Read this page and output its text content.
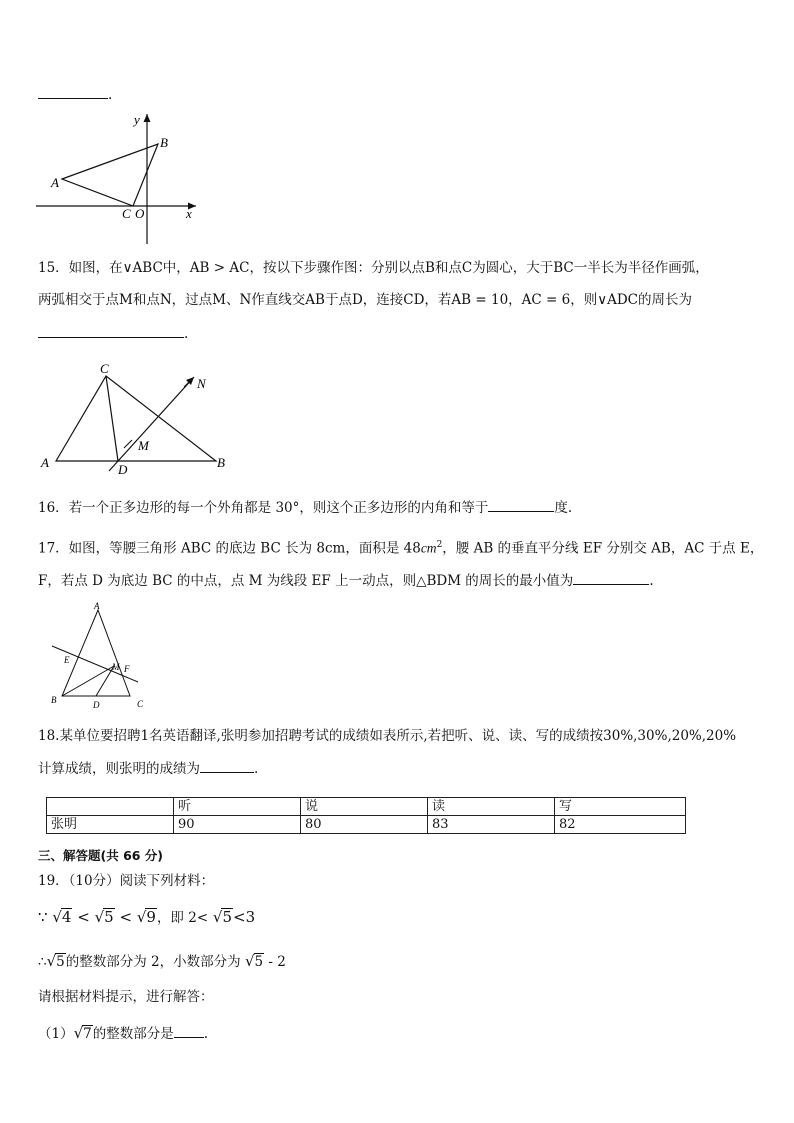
.
y
x
B
A
C O
15．如图，在∨ABC中，AB > AC，按以下步骤作图：分别以点B和点C为圆心，大于BC一半长为半径作画弧，
两弧相交于点M和点N，过点M、N作直线交AB于点D，连接CD，若AB = 10，AC = 6，则∨ADC的周长为
.
C
A	B
D
M
N
16．若一个正多边形的每一个外角都是 30°，则这个正多边形的内角和等于	度.
17．如图，等腰三角形 ABC 的底边 BC 长为 8cm，面积是 $48cm^2$，腰 AB 的垂直平分线 EF 分别交 AB，AC 于点 E，
F，若点 D 为底边 BC 的中点，点 M 为线段 EF 上一动点，则△BDM 的周长的最小值为	.
A
E
M F
B	D	C
18.某单位要招聘1名英语翻译,张明参加招聘考试的成绩如表所示,若把听、说、读、写的成绩按30%,30%,20%,20%
计算成绩，则张明的成绩为	.
	听	说	读	写
张明	90	80	83	82
三、解答题(共 66 分)
19．（10分）阅读下列材料：
∵ √4 < √5 < √9，即 2< √5<3
∴√5的整数部分为 2，小数部分为 √5 - 2
请根据材料提示，进行解答：
（1）√7的整数部分是 .
